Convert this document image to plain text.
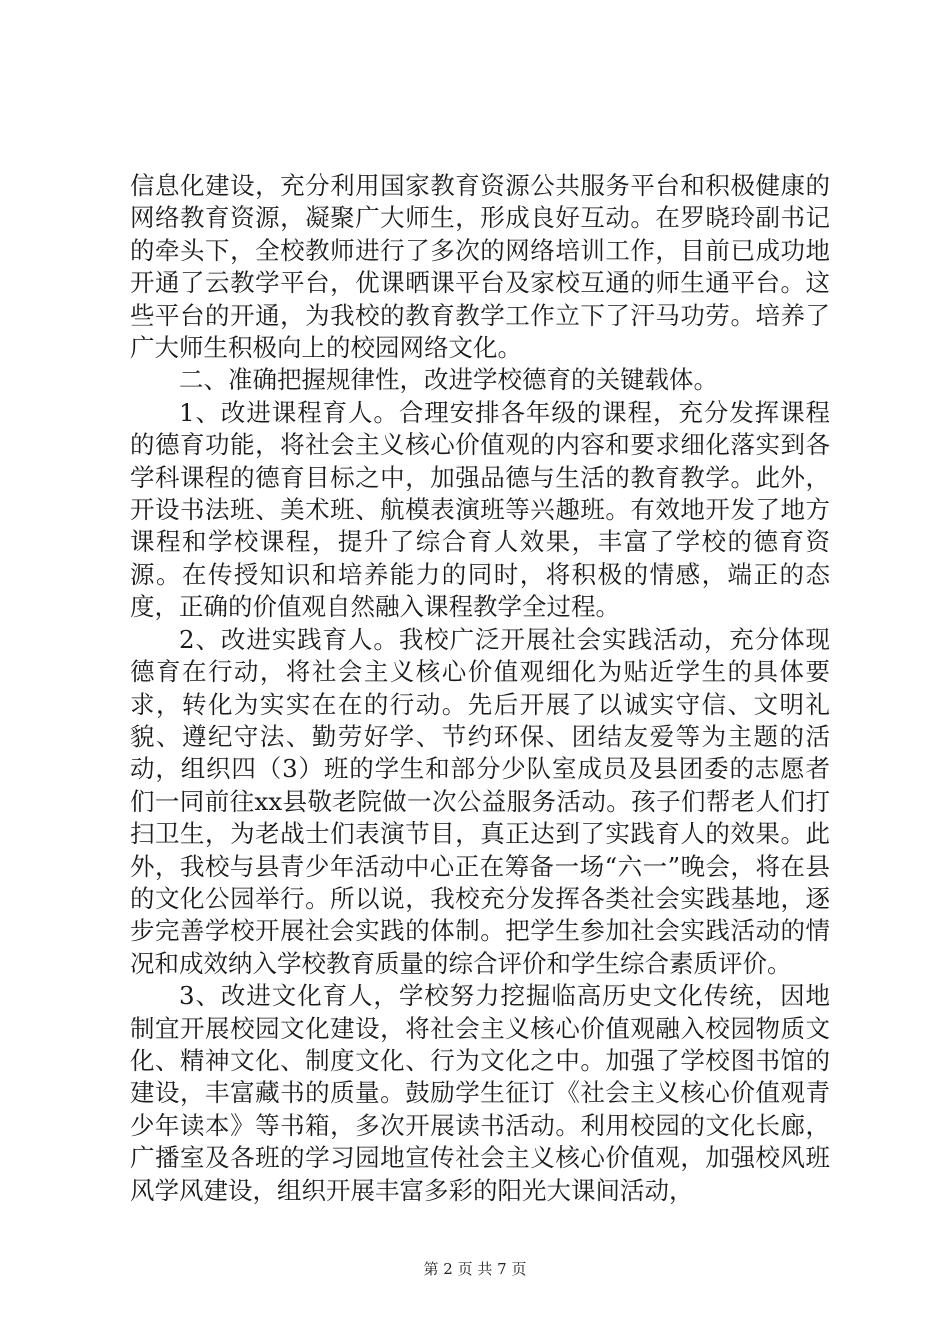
信息化建设，充分利用国家教育资源公共服务平台和积极健康的网络教育资源，凝聚广大师生，形成良好互动。在罗晓玲副书记的牵头下，全校教师进行了多次的网络培训工作，目前已成功地开通了云教学平台，优课晒课平台及家校互通的师生通平台。这些平台的开通，为我校的教育教学工作立下了汗马功劳。培养了广大师生积极向上的校园网络文化。

二、准确把握规律性，改进学校德育的关键载体。

1、改进课程育人。合理安排各年级的课程，充分发挥课程的德育功能，将社会主义核心价值观的内容和要求细化落实到各学科课程的德育目标之中，加强品德与生活的教育教学。此外，开设书法班、美术班、航模表演班等兴趣班。有效地开发了地方课程和学校课程，提升了综合育人效果，丰富了学校的德育资源。在传授知识和培养能力的同时，将积极的情感，端正的态度，正确的价值观自然融入课程教学全过程。

2、改进实践育人。我校广泛开展社会实践活动，充分体现德育在行动，将社会主义核心价值观细化为贴近学生的具体要求，转化为实实在在的行动。先后开展了以诚实守信、文明礼貌、遵纪守法、勤劳好学、节约环保、团结友爱等为主题的活动，组织四（3）班的学生和部分少队室成员及县团委的志愿者们一同前往xx县敬老院做一次公益服务活动。孩子们帮老人们打扫卫生，为老战士们表演节目，真正达到了实践育人的效果。此外，我校与县青少年活动中心正在筹备一场“六一”晚会，将在县的文化公园举行。所以说，我校充分发挥各类社会实践基地，逐步完善学校开展社会实践的体制。把学生参加社会实践活动的情况和成效纳入学校教育质量的综合评价和学生综合素质评价。

3、改进文化育人，学校努力挖掘临高历史文化传统，因地制宜开展校园文化建设，将社会主义核心价值观融入校园物质文化、精神文化、制度文化、行为文化之中。加强了学校图书馆的建设，丰富藏书的质量。鼓励学生征订《社会主义核心价值观青少年读本》等书箱，多次开展读书活动。利用校园的文化长廊，广播室及各班的学习园地宣传社会主义核心价值观，加强校风班风学风建设，组织开展丰富多彩的阳光大课间活动，

第 2 页 共 7 页
